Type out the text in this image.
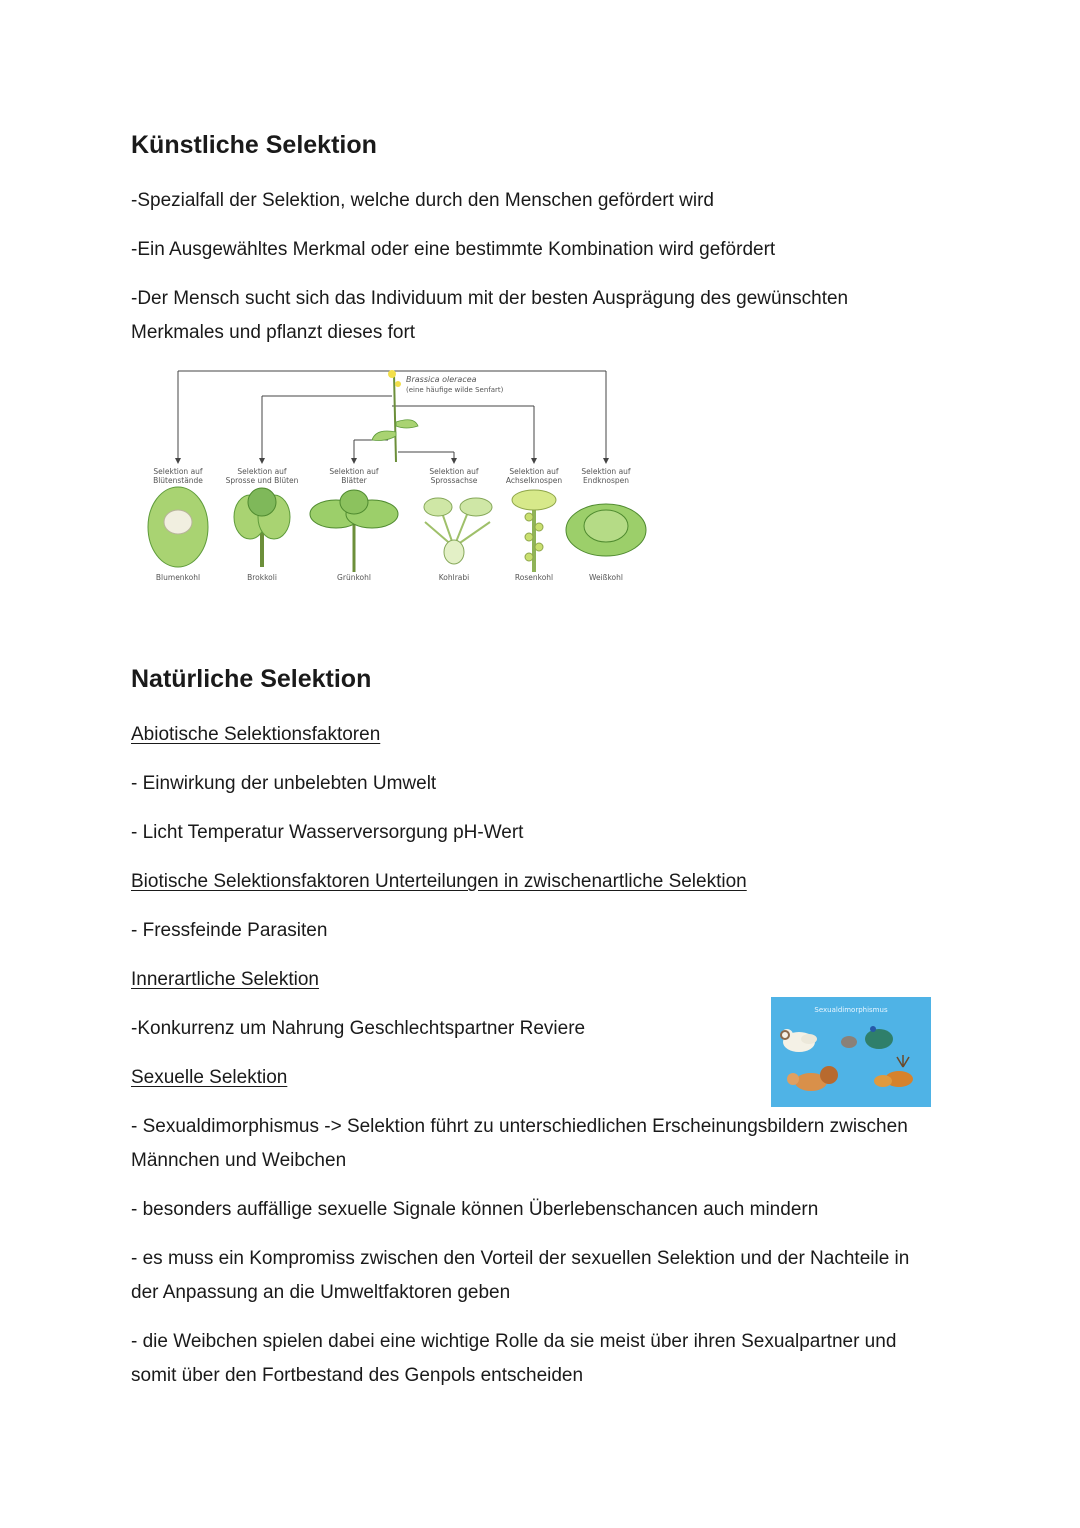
Künstliche Selektion

-Spezialfall der Selektion, welche durch den Menschen gefördert wird

-Ein Ausgewähltes Merkmal oder eine bestimmte Kombination wird gefördert

-Der Mensch sucht sich das Individuum mit der besten Ausprägung des gewünschten

Merkmales und pflanzt dieses fort

Natürliche Selektion

Abiotische Selektionsfaktoren

- Einwirkung der unbelebten Umwelt

- Licht Temperatur Wasserversorgung pH-Wert

Biotische Selektionsfaktoren Unterteilungen in zwischenartliche Selektion

- Fressfeinde Parasiten

Innerartliche Selektion

-Konkurrenz um Nahrung Geschlechtspartner Reviere

Sexuelle Selektion

- Sexualdimorphismus -> Selektion führt zu unterschiedlichen Erscheinungsbildern zwischen

Männchen und Weibchen

- besonders auffällige sexuelle Signale können Überlebenschancen auch mindern

- es muss ein Kompromiss zwischen den Vorteil der sexuellen Selektion und der Nachteile in

der Anpassung an die Umweltfaktoren geben

- die Weibchen spielen dabei eine wichtige Rolle da sie meist über ihren Sexualpartner und

somit über den Fortbestand des Genpols entscheiden

Brassica oleracea
(eine häufige wilde Senfart)
Selektion auf
Blütenstände
Selektion auf
Sprosse und Blüten
Selektion auf
Blätter
Selektion auf
Sprossachse
Selektion auf
Achselknospen
Selektion auf
Endknospen
Blumenkohl	Brokkoli	Grünkohl	Kohlrabi	Rosenkohl	Weißkohl
Sexualdimorphismus
